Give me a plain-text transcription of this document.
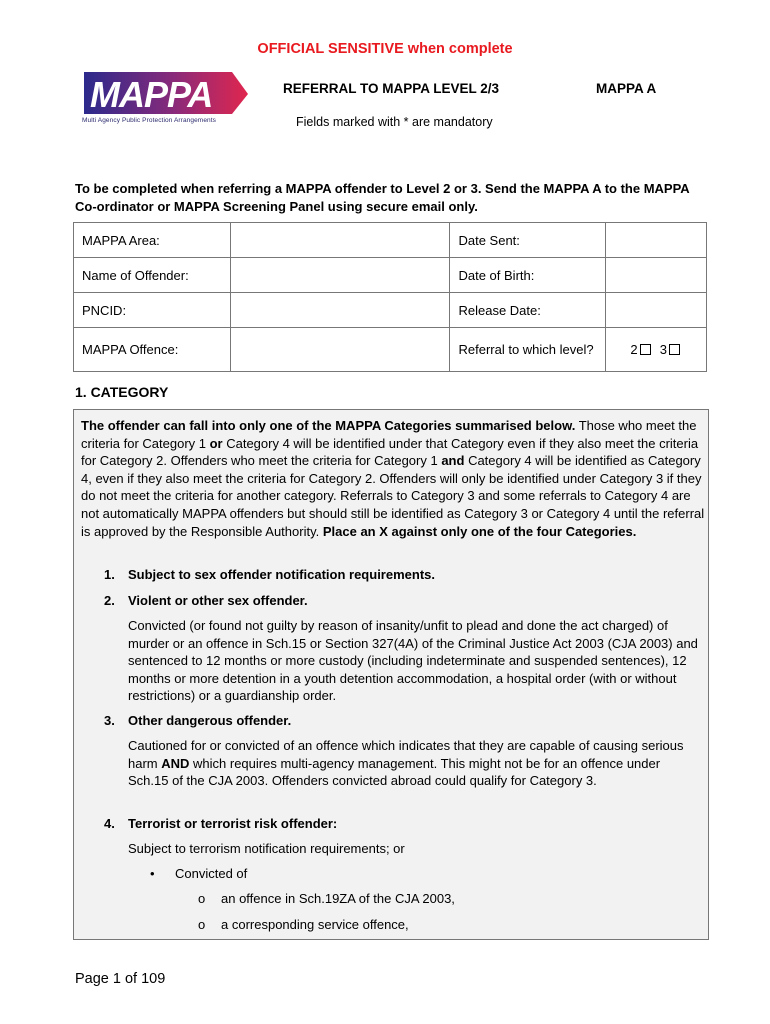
OFFICIAL SENSITIVE when complete
MAPPA
Multi Agency Public Protection Arrangements
REFERRAL TO MAPPA LEVEL 2/3	MAPPA A
Fields marked with * are mandatory
To be completed when referring a MAPPA offender to Level 2 or 3. Send the MAPPA A to the MAPPA Co-ordinator or MAPPA Screening Panel using secure email only.
MAPPA Area:		Date Sent:	
Name of Offender:		Date of Birth:	
PNCID:		Release Date:	
MAPPA Offence:		Referral to which level?	2 3
1. CATEGORY
The offender can fall into only one of the MAPPA Categories summarised below. Those who meet the criteria for Category 1 or Category 4 will be identified under that Category even if they also meet the criteria for Category 2. Offenders who meet the criteria for Category 1 and Category 4 will be identified as Category 4, even if they also meet the criteria for Category 2. Offenders will only be identified under Category 3 if they do not meet the criteria for another category. Referrals to Category 3 and some referrals to Category 4 are not automatically MAPPA offenders but should still be identified as Category 3 or Category 4 until the referral is approved by the Responsible Authority. Place an X against only one of the four Categories.
1. Subject to sex offender notification requirements.
2. Violent or other sex offender.
Convicted (or found not guilty by reason of insanity/unfit to plead and done the act charged) of murder or an offence in Sch.15 or Section 327(4A) of the Criminal Justice Act 2003 (CJA 2003) and sentenced to 12 months or more custody (including indeterminate and suspended sentences), 12 months or more detention in a youth detention accommodation, a hospital order (with or without restrictions) or a guardianship order.
3. Other dangerous offender.
Cautioned for or convicted of an offence which indicates that they are capable of causing serious harm AND which requires multi-agency management. This might not be for an offence under Sch.15 of the CJA 2003. Offenders convicted abroad could qualify for Category 3.
4. Terrorist or terrorist risk offender:
Subject to terrorism notification requirements; or
• Convicted of
o an offence in Sch.19ZA of the CJA 2003,
o a corresponding service offence,
Page 1 of 109
